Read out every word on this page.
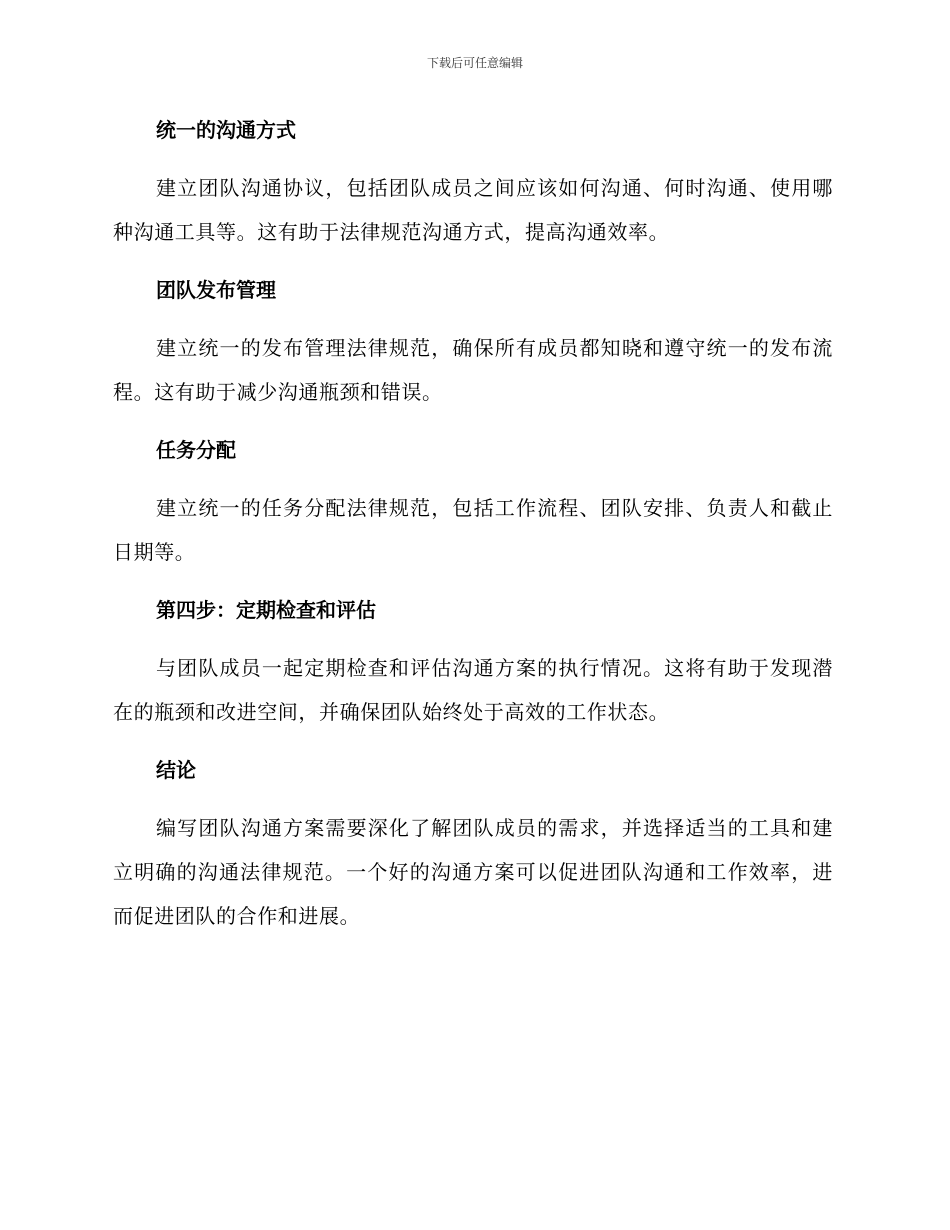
下载后可任意编辑
统一的沟通方式

建立团队沟通协议，包括团队成员之间应该如何沟通、何时沟通、使用哪种沟通工具等。这有助于法律规范沟通方式，提高沟通效率。

团队发布管理

建立统一的发布管理法律规范，确保所有成员都知晓和遵守统一的发布流程。这有助于减少沟通瓶颈和错误。

任务分配

建立统一的任务分配法律规范，包括工作流程、团队安排、负责人和截止日期等。

第四步：定期检查和评估

与团队成员一起定期检查和评估沟通方案的执行情况。这将有助于发现潜在的瓶颈和改进空间，并确保团队始终处于高效的工作状态。

结论

编写团队沟通方案需要深化了解团队成员的需求，并选择适当的工具和建立明确的沟通法律规范。一个好的沟通方案可以促进团队沟通和工作效率，进而促进团队的合作和进展。
